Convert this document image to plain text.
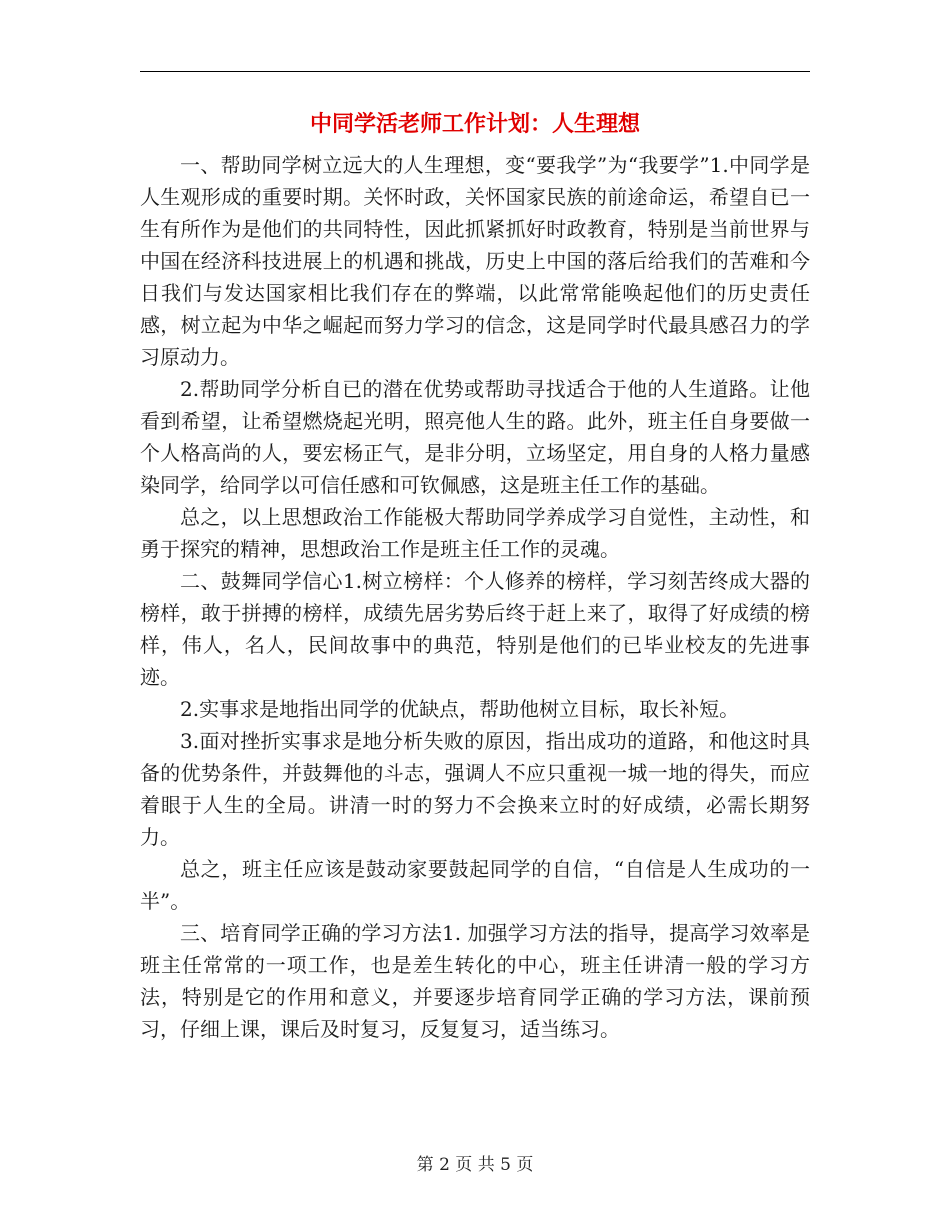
中同学活老师工作计划：人生理想

一、帮助同学树立远大的人生理想，变“要我学”为“我要学”1.中同学是人生观形成的重要时期。关怀时政，关怀国家民族的前途命运，希望自已一生有所作为是他们的共同特性，因此抓紧抓好时政教育，特别是当前世界与中国在经济科技进展上的机遇和挑战，历史上中国的落后给我们的苦难和今日我们与发达国家相比我们存在的弊端，以此常常能唤起他们的历史责任感，树立起为中华之崛起而努力学习的信念，这是同学时代最具感召力的学习原动力。

2.帮助同学分析自已的潜在优势或帮助寻找适合于他的人生道路。让他看到希望，让希望燃烧起光明，照亮他人生的路。此外，班主任自身要做一个人格高尚的人，要宏杨正气，是非分明，立场坚定，用自身的人格力量感染同学，给同学以可信任感和可钦佩感，这是班主任工作的基础。

总之，以上思想政治工作能极大帮助同学养成学习自觉性，主动性，和勇于探究的精神，思想政治工作是班主任工作的灵魂。

二、鼓舞同学信心1.树立榜样：个人修养的榜样，学习刻苦终成大器的榜样，敢于拼搏的榜样，成绩先居劣势后终于赶上来了，取得了好成绩的榜样，伟人，名人，民间故事中的典范，特别是他们的已毕业校友的先进事迹。

2.实事求是地指出同学的优缺点，帮助他树立目标，取长补短。

3.面对挫折实事求是地分析失败的原因，指出成功的道路，和他这时具备的优势条件，并鼓舞他的斗志，强调人不应只重视一城一地的得失，而应着眼于人生的全局。讲清一时的努力不会换来立时的好成绩，必需长期努力。

总之，班主任应该是鼓动家要鼓起同学的自信，“自信是人生成功的一半”。

三、培育同学正确的学习方法1. 加强学习方法的指导，提高学习效率是班主任常常的一项工作，也是差生转化的中心，班主任讲清一般的学习方法，特别是它的作用和意义，并要逐步培育同学正确的学习方法，课前预习，仔细上课，课后及时复习，反复复习，适当练习。

第 2 页 共 5 页
